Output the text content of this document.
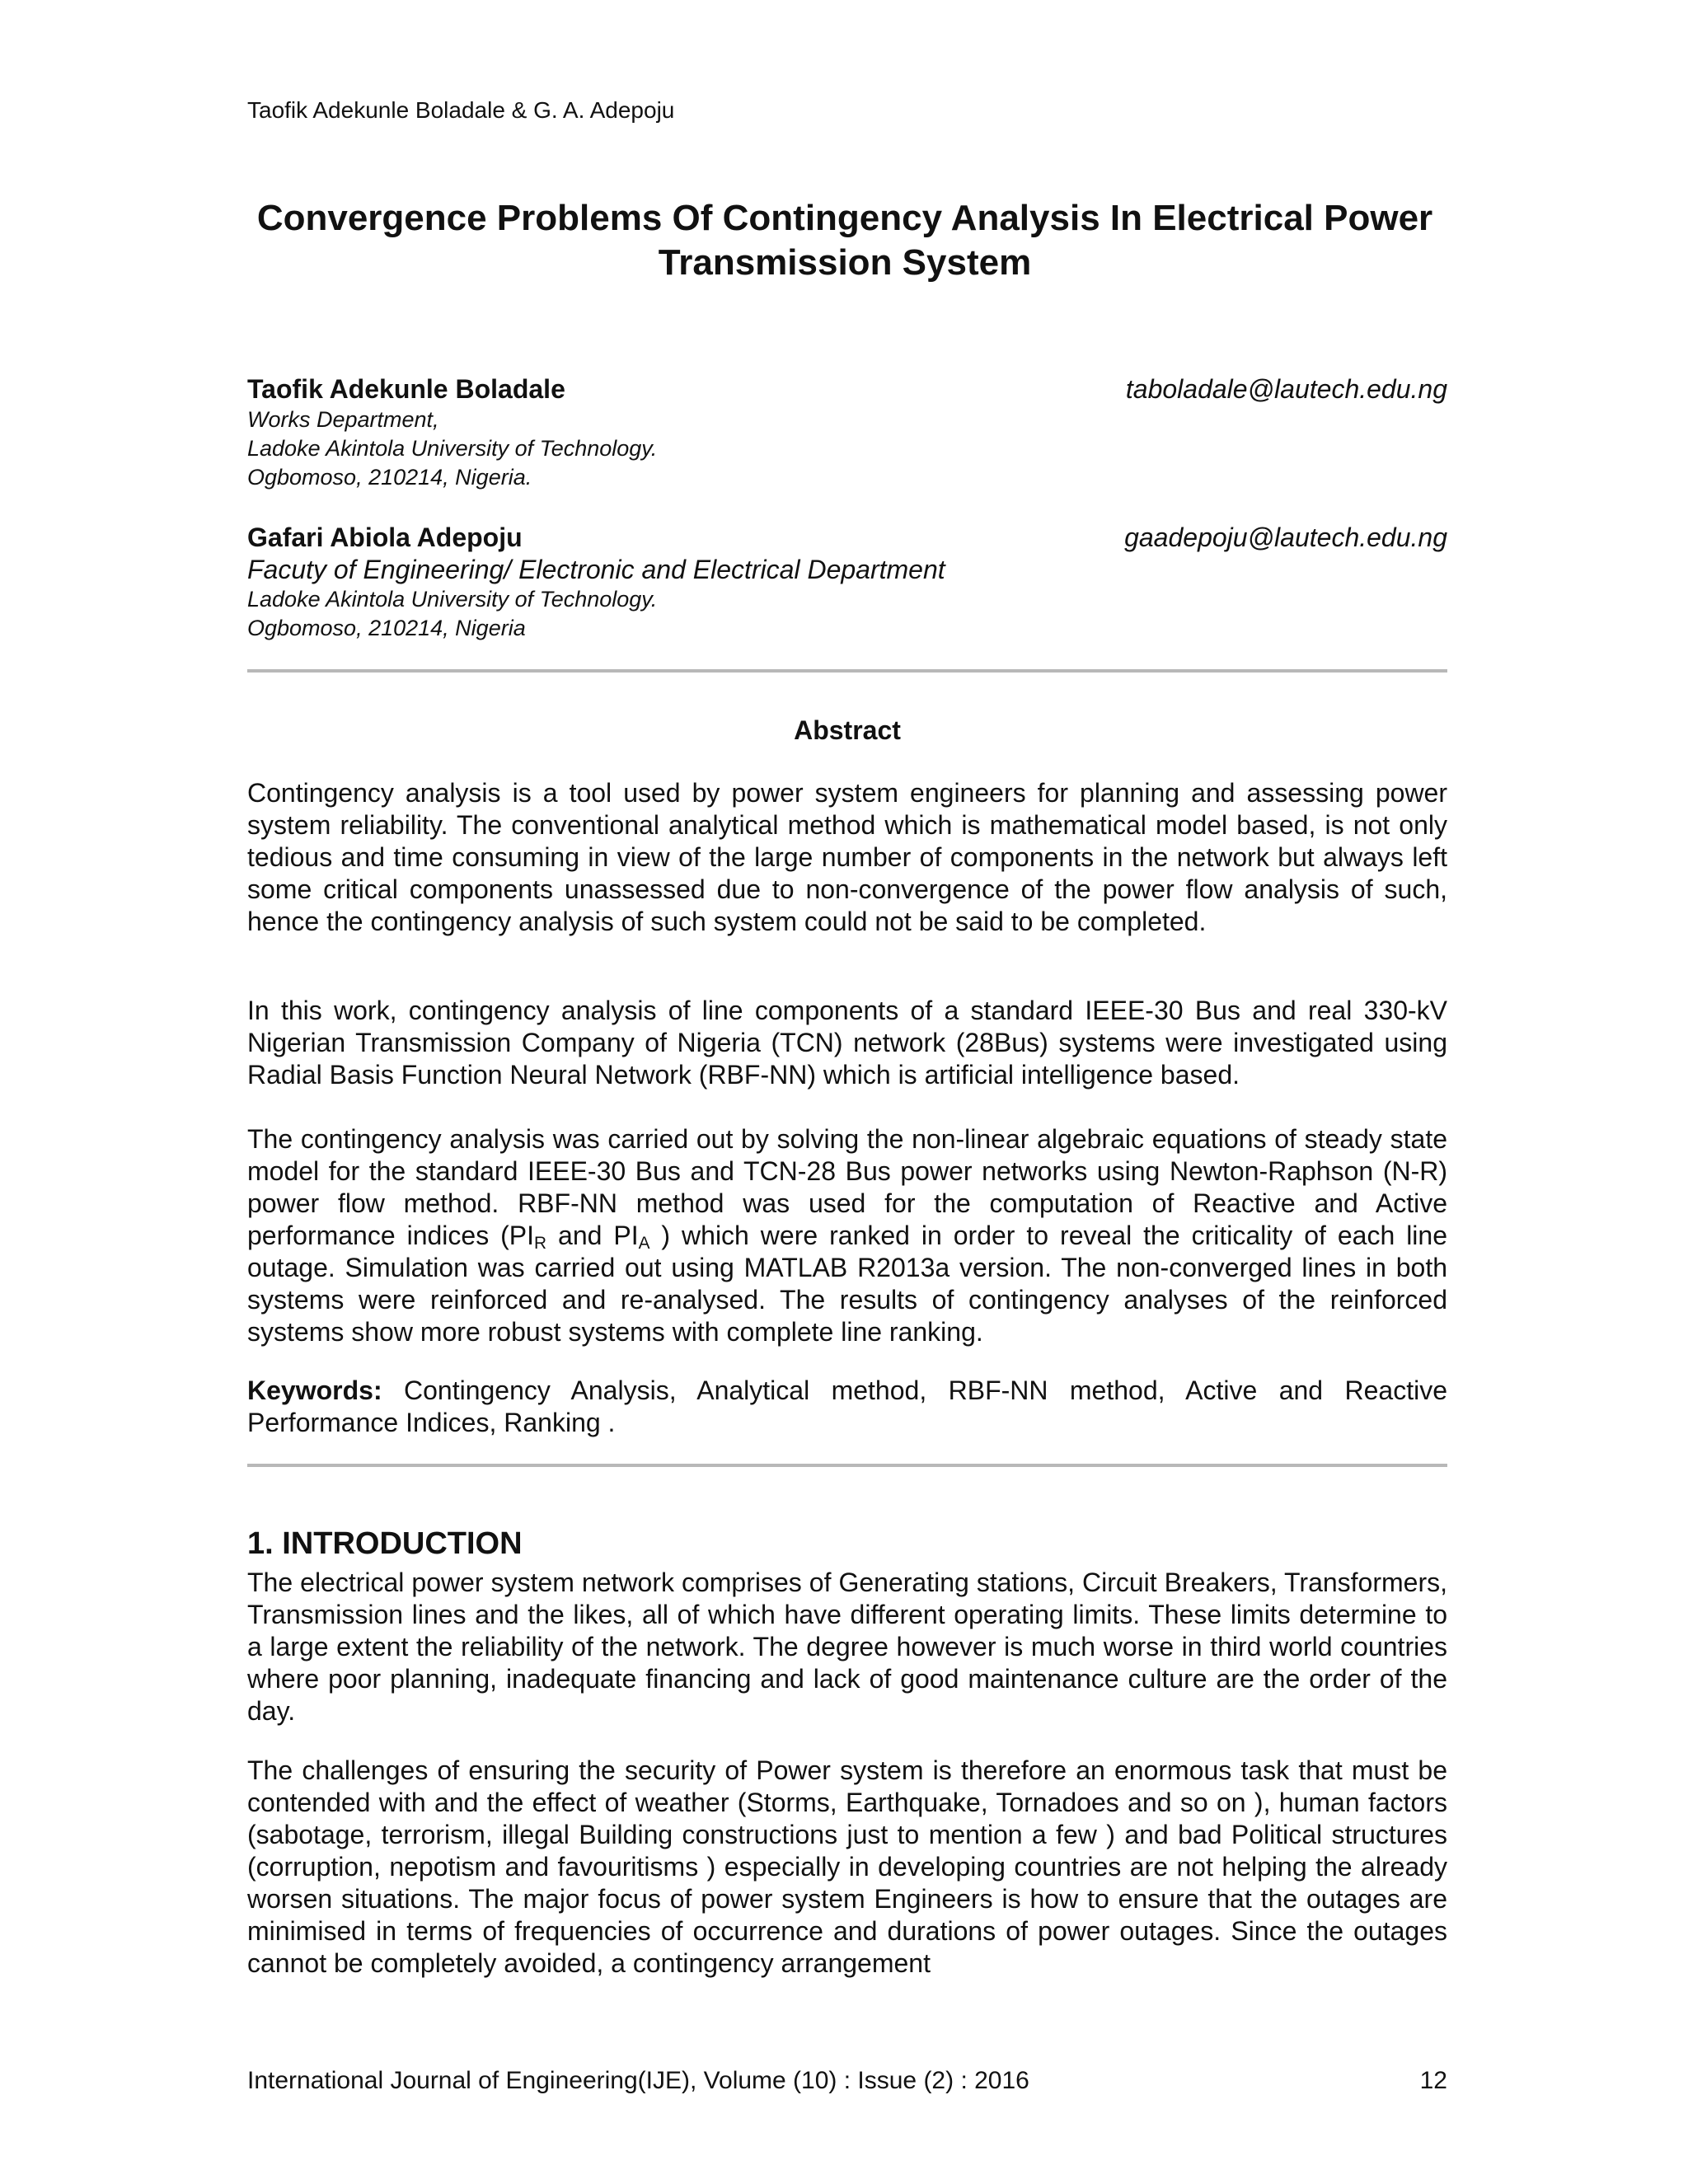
Taofik Adekunle Boladale & G. A. Adepoju
Convergence Problems Of Contingency Analysis In Electrical Power Transmission System
Taofik Adekunle Boladale	taboladale@lautech.edu.ng
Works Department,
Ladoke Akintola University of Technology.
Ogbomoso, 210214, Nigeria.
Gafari Abiola Adepoju	gaadepoju@lautech.edu.ng
Facuty of Engineering/ Electronic and Electrical Department
Ladoke Akintola University of Technology.
Ogbomoso, 210214, Nigeria
Abstract
Contingency analysis is a tool used by power system engineers for planning and assessing power system reliability. The conventional analytical method which is mathematical model based, is not only tedious and time consuming in view of the large number of components in the network but always left some critical components unassessed due to non-convergence of the power flow analysis of such, hence the contingency analysis of such system could not be said to be completed.
In this work, contingency analysis of line components of a standard IEEE-30 Bus and real 330-kV Nigerian Transmission Company of Nigeria (TCN) network (28Bus) systems were investigated using Radial Basis Function Neural Network (RBF-NN) which is artificial intelligence based.
The contingency analysis was carried out by solving the non-linear algebraic equations of steady state model for the standard IEEE-30 Bus and TCN-28 Bus power networks using Newton-Raphson (N-R) power flow method. RBF-NN method was used for the computation of Reactive and Active performance indices ($PI_R$ and $PI_A$ ) which were ranked in order to reveal the criticality of each line outage. Simulation was carried out using MATLAB R2013a version. The non-converged lines in both systems were reinforced and re-analysed. The results of contingency analyses of the reinforced systems show more robust systems with complete line ranking.
Keywords: Contingency Analysis, Analytical method, RBF-NN method, Active and Reactive Performance Indices, Ranking .
1. INTRODUCTION
The electrical power system network comprises of Generating stations, Circuit Breakers, Transformers, Transmission lines and the likes, all of which have different operating limits. These limits determine to a large extent the reliability of the network. The degree however is much worse in third world countries where poor planning, inadequate financing and lack of good maintenance culture are the order of the day.
The challenges of ensuring the security of Power system is therefore an enormous task that must be contended with and the effect of weather (Storms, Earthquake, Tornadoes and so on ), human factors (sabotage, terrorism, illegal Building constructions just to mention a few ) and bad Political structures (corruption, nepotism and favouritisms ) especially in developing countries are not helping the already worsen situations. The major focus of power system Engineers is how to ensure that the outages are minimised in terms of frequencies of occurrence and durations of power outages. Since the outages cannot be completely avoided, a contingency arrangement
International Journal of Engineering(IJE), Volume (10) : Issue (2) : 2016	12
